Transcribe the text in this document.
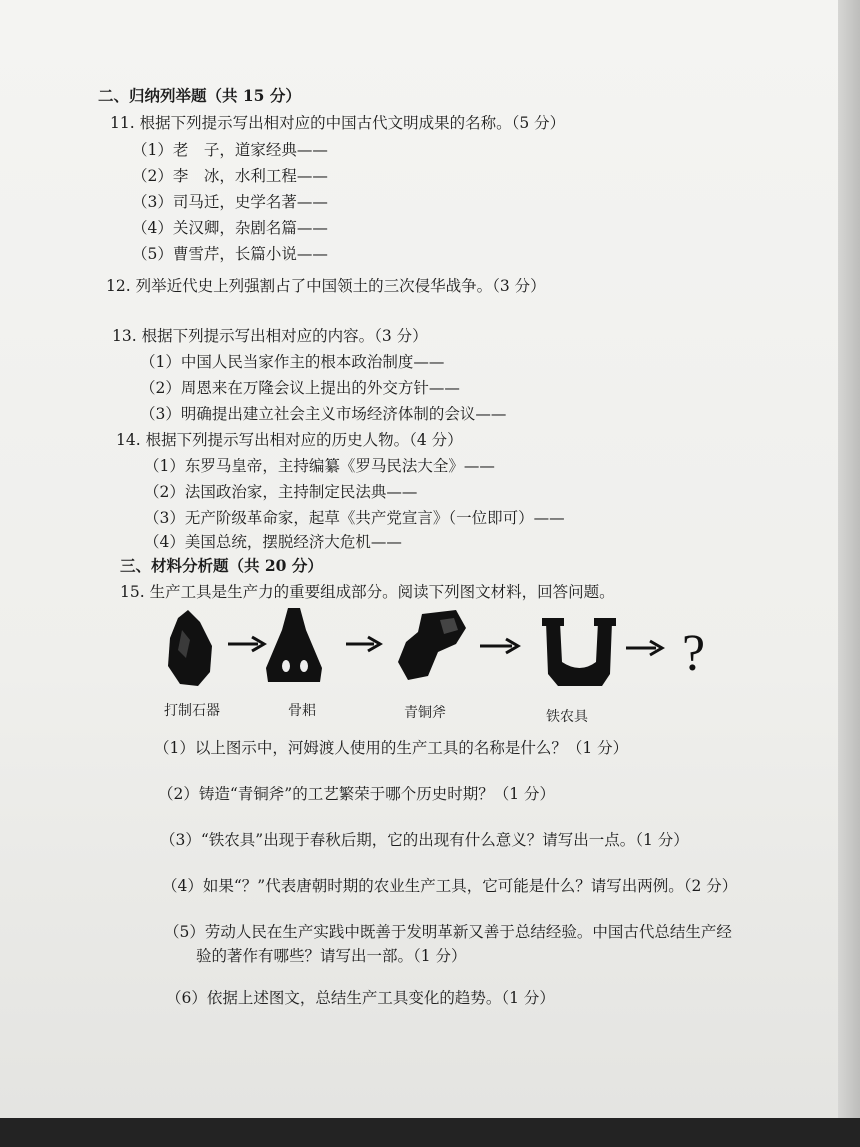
二、归纳列举题（共 15 分）
11. 根据下列提示写出相对应的中国古代文明成果的名称。（5 分）
（1）老　子，道家经典——
（2）李　冰，水利工程——
（3）司马迁，史学名著——
（4）关汉卿，杂剧名篇——
（5）曹雪芹，长篇小说——
12. 列举近代史上列强割占了中国领土的三次侵华战争。（3 分）
13. 根据下列提示写出相对应的内容。（3 分）
（1）中国人民当家作主的根本政治制度——
（2）周恩来在万隆会议上提出的外交方针——
（3）明确提出建立社会主义市场经济体制的会议——
14. 根据下列提示写出相对应的历史人物。（4 分）
（1）东罗马皇帝，主持编纂《罗马民法大全》——
（2）法国政治家，主持制定民法典——
（3）无产阶级革命家，起草《共产党宣言》（一位即可）——
（4）美国总统，摆脱经济大危机——
三、材料分析题（共 20 分）
15. 生产工具是生产力的重要组成部分。阅读下列图文材料，回答问题。
?
打制石器	骨耜	青铜斧	铁农具
（1）以上图示中，河姆渡人使用的生产工具的名称是什么？（1 分）
（2）铸造“青铜斧”的工艺繁荣于哪个历史时期？（1 分）
（3）“铁农具”出现于春秋后期，它的出现有什么意义？请写出一点。（1 分）
（4）如果“？”代表唐朝时期的农业生产工具，它可能是什么？请写出两例。（2 分）
（5）劳动人民在生产实践中既善于发明革新又善于总结经验。中国古代总结生产经
验的著作有哪些？请写出一部。（1 分）
（6）依据上述图文，总结生产工具变化的趋势。（1 分）
